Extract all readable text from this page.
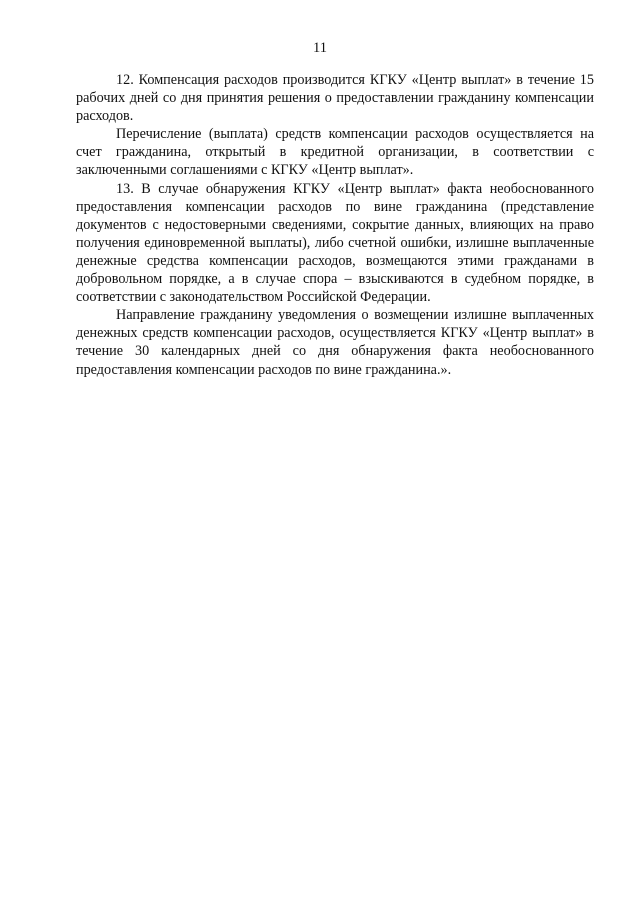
11

12. Компенсация расходов производится КГКУ «Центр выплат» в течение 15 рабочих дней со дня принятия решения о предоставлении гражданину компенсации расходов.

Перечисление (выплата) средств компенсации расходов осуществляется на счет гражданина, открытый в кредитной организации, в соответствии с заключенными соглашениями с КГКУ «Центр выплат».

13. В случае обнаружения КГКУ «Центр выплат» факта необоснованного предоставления компенсации расходов по вине гражданина (представление документов с недостоверными сведениями, сокрытие данных, влияющих на право получения единовременной выплаты), либо счетной ошибки, излишне выплаченные денежные средства компенсации расходов, возмещаются этими гражданами в добровольном порядке, а в случае спора – взыскиваются в судебном порядке, в соответствии с законодательством Российской Федерации.

Направление гражданину уведомления о возмещении излишне выплаченных денежных средств компенсации расходов, осуществляется КГКУ «Центр выплат» в течение 30 календарных дней со дня обнаружения факта необоснованного предоставления компенсации расходов по вине гражданина.».
